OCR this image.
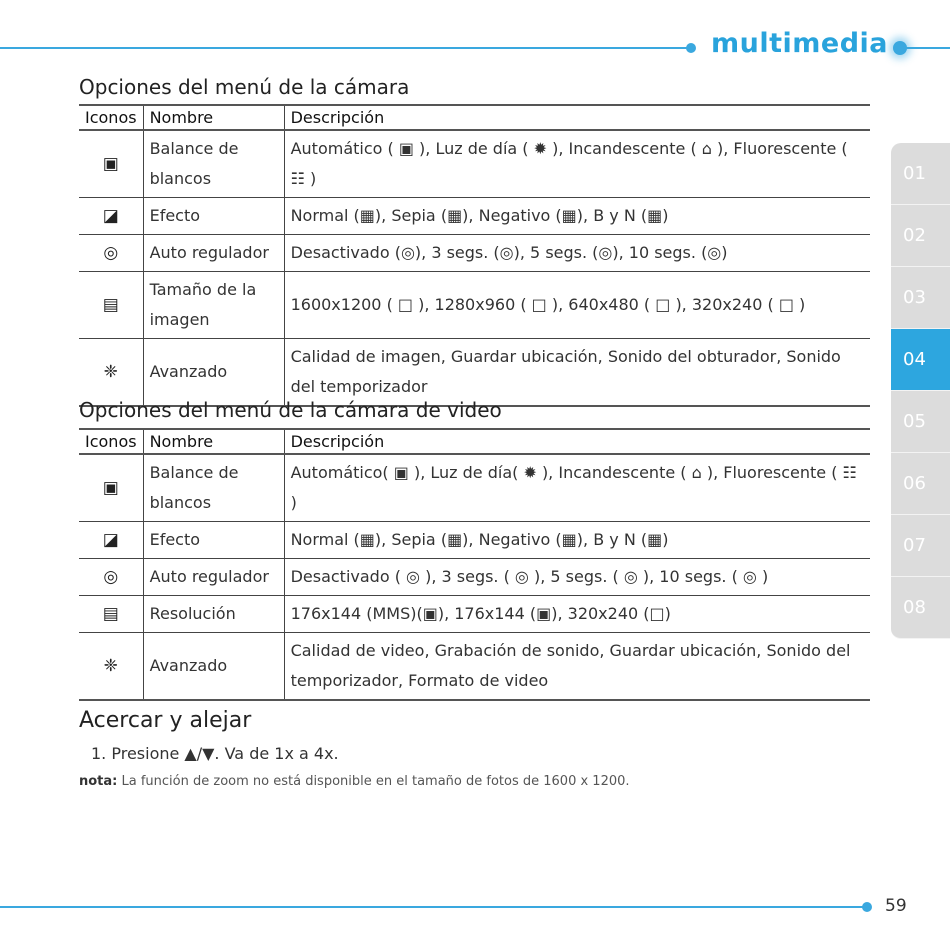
multimedia
01
02
03
04
05
06
07
08
Opciones del menú de la cámara
Iconos	Nombre	Descripción
▣	Balance de blancos	Automático ( ▣ ), Luz de día ( ✹ ), Incandescente ( ⌂ ), Fluorescente ( ☷ )
◪	Efecto	Normal (▦), Sepia (▦), Negativo (▦), B y N (▦)
◎	Auto regulador	Desactivado (◎), 3 segs. (◎), 5 segs. (◎), 10 segs. (◎)
▤	Tamaño de la imagen	1600x1200 ( □ ), 1280x960 ( □ ), 640x480 ( □ ), 320x240 ( □ )
❈	Avanzado	Calidad de imagen, Guardar ubicación, Sonido del obturador, Sonido del temporizador
Opciones del menú de la cámara de video
Iconos	Nombre	Descripción
▣	Balance de blancos	Automático( ▣ ), Luz de día( ✹ ), Incandescente ( ⌂ ), Fluorescente ( ☷ )
◪	Efecto	Normal (▦), Sepia (▦), Negativo (▦), B y N (▦)
◎	Auto regulador	Desactivado ( ◎ ), 3 segs. ( ◎ ), 5 segs. ( ◎ ), 10 segs. ( ◎ )
▤	Resolución	176x144 (MMS)(▣), 176x144 (▣), 320x240 (□)
❈	Avanzado	Calidad de video, Grabación de sonido, Guardar ubicación, Sonido del temporizador, Formato de video
Acercar y alejar
1. Presione ▲/▼. Va de 1x a 4x.
nota: La función de zoom no está disponible en el tamaño de fotos de 1600 x 1200.
59
